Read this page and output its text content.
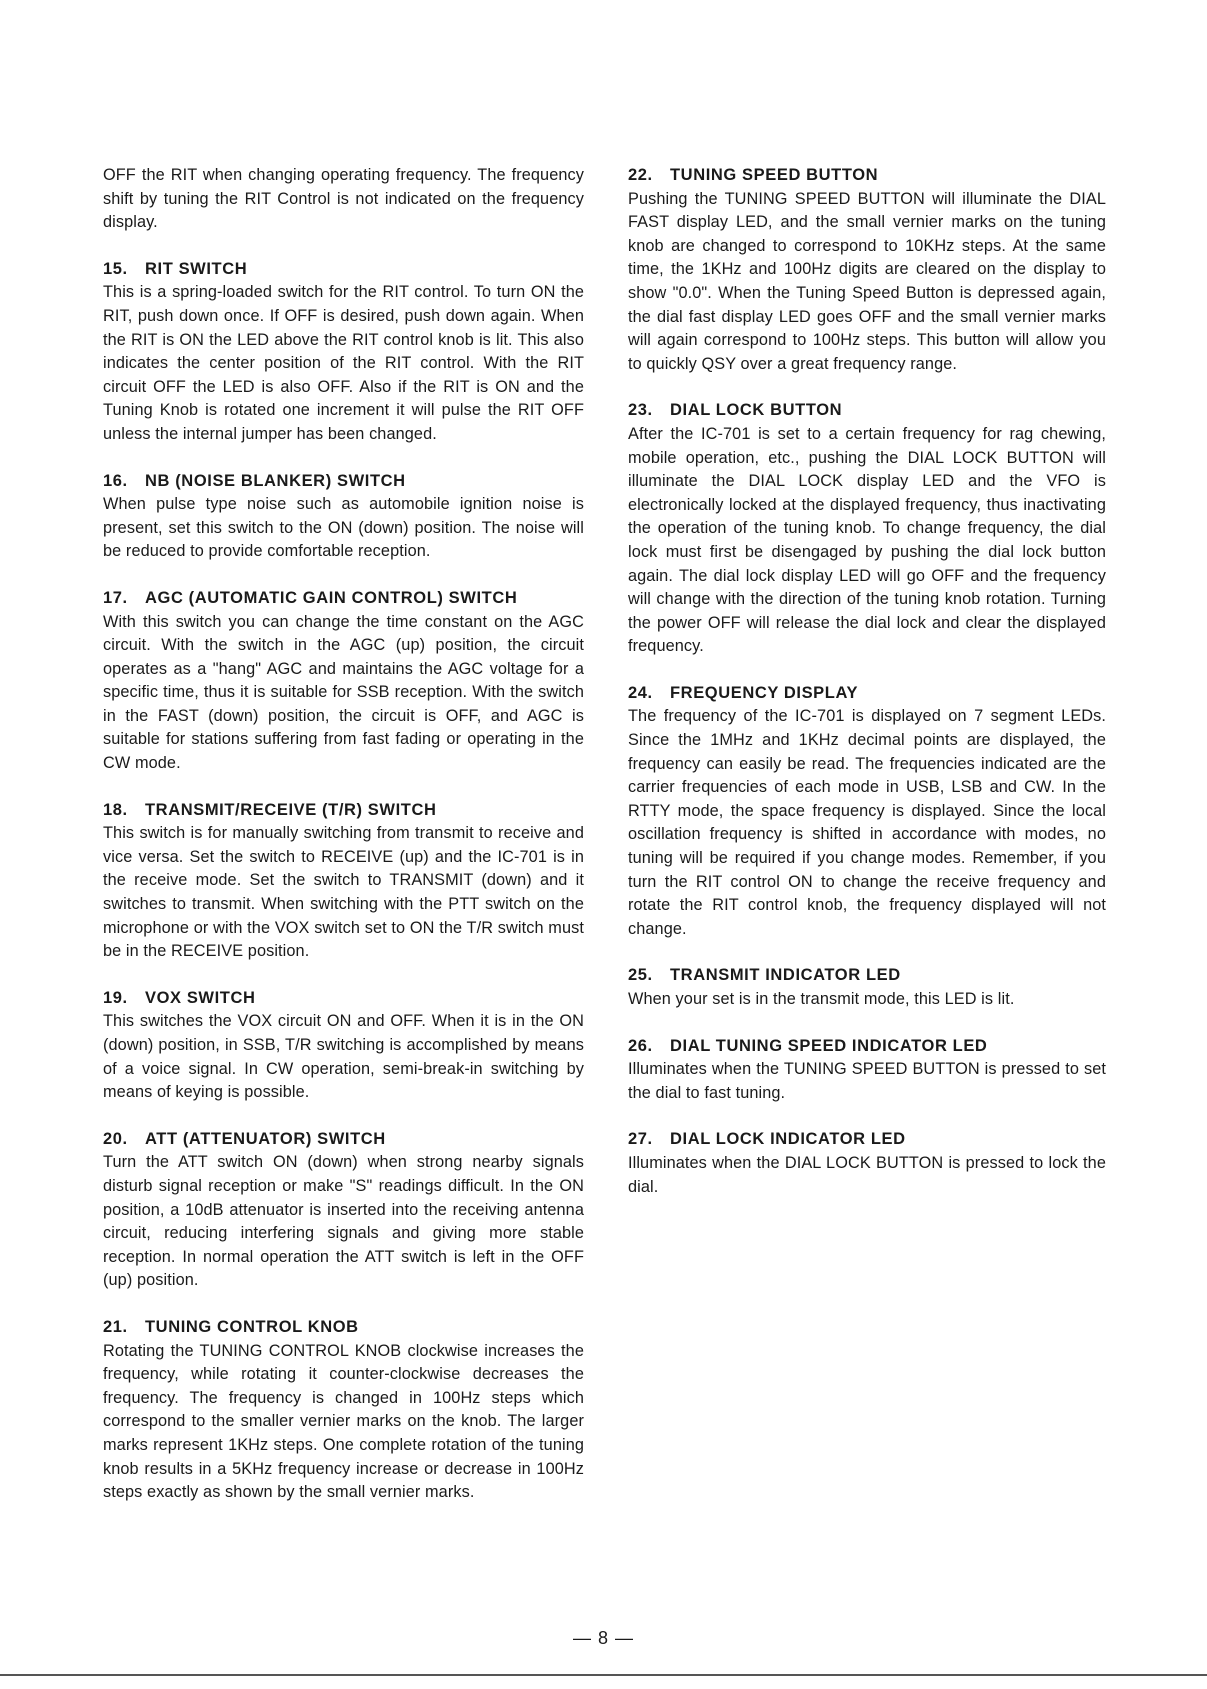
OFF the RIT when changing operating frequency. The frequency shift by tuning the RIT Control is not indicated on the frequency display.

15. RIT SWITCH

This is a spring-loaded switch for the RIT control. To turn ON the RIT, push down once. If OFF is desired, push down again. When the RIT is ON the LED above the RIT control knob is lit. This also indicates the center position of the RIT control. With the RIT circuit OFF the LED is also OFF. Also if the RIT is ON and the Tuning Knob is rotated one increment it will pulse the RIT OFF unless the internal jumper has been changed.

16. NB (NOISE BLANKER) SWITCH

When pulse type noise such as automobile ignition noise is present, set this switch to the ON (down) position. The noise will be reduced to provide comfortable reception.

17. AGC (AUTOMATIC GAIN CONTROL) SWITCH

With this switch you can change the time constant on the AGC circuit. With the switch in the AGC (up) position, the circuit operates as a "hang" AGC and maintains the AGC voltage for a specific time, thus it is suitable for SSB reception. With the switch in the FAST (down) position, the circuit is OFF, and AGC is suitable for stations suffering from fast fading or operating in the CW mode.

18. TRANSMIT/RECEIVE (T/R) SWITCH

This switch is for manually switching from transmit to receive and vice versa. Set the switch to RECEIVE (up) and the IC-701 is in the receive mode. Set the switch to TRANSMIT (down) and it switches to transmit. When switching with the PTT switch on the microphone or with the VOX switch set to ON the T/R switch must be in the RECEIVE position.

19. VOX SWITCH

This switches the VOX circuit ON and OFF. When it is in the ON (down) position, in SSB, T/R switching is accomplished by means of a voice signal. In CW operation, semi-break-in switching by means of keying is possible.

20. ATT (ATTENUATOR) SWITCH

Turn the ATT switch ON (down) when strong nearby signals disturb signal reception or make "S" readings difficult. In the ON position, a 10dB attenuator is inserted into the receiving antenna circuit, reducing interfering signals and giving more stable reception. In normal operation the ATT switch is left in the OFF (up) position.

21. TUNING CONTROL KNOB

Rotating the TUNING CONTROL KNOB clockwise increases the frequency, while rotating it counter-clockwise decreases the frequency. The frequency is changed in 100Hz steps which correspond to the smaller vernier marks on the knob. The larger marks represent 1KHz steps. One complete rotation of the tuning knob results in a 5KHz frequency increase or decrease in 100Hz steps exactly as shown by the small vernier marks.

22. TUNING SPEED BUTTON

Pushing the TUNING SPEED BUTTON will illuminate the DIAL FAST display LED, and the small vernier marks on the tuning knob are changed to correspond to 10KHz steps. At the same time, the 1KHz and 100Hz digits are cleared on the display to show "0.0". When the Tuning Speed Button is depressed again, the dial fast display LED goes OFF and the small vernier marks will again correspond to 100Hz steps. This button will allow you to quickly QSY over a great frequency range.

23. DIAL LOCK BUTTON

After the IC-701 is set to a certain frequency for rag chewing, mobile operation, etc., pushing the DIAL LOCK BUTTON will illuminate the DIAL LOCK display LED and the VFO is electronically locked at the displayed frequency, thus inactivating the operation of the tuning knob. To change frequency, the dial lock must first be disengaged by pushing the dial lock button again. The dial lock display LED will go OFF and the frequency will change with the direction of the tuning knob rotation. Turning the power OFF will release the dial lock and clear the displayed frequency.

24. FREQUENCY DISPLAY

The frequency of the IC-701 is displayed on 7 segment LEDs. Since the 1MHz and 1KHz decimal points are displayed, the frequency can easily be read. The frequencies indicated are the carrier frequencies of each mode in USB, LSB and CW. In the RTTY mode, the space frequency is displayed. Since the local oscillation frequency is shifted in accordance with modes, no tuning will be required if you change modes. Remember, if you turn the RIT control ON to change the receive frequency and rotate the RIT control knob, the frequency displayed will not change.

25. TRANSMIT INDICATOR LED

When your set is in the transmit mode, this LED is lit.

26. DIAL TUNING SPEED INDICATOR LED

Illuminates when the TUNING SPEED BUTTON is pressed to set the dial to fast tuning.

27. DIAL LOCK INDICATOR LED

Illuminates when the DIAL LOCK BUTTON is pressed to lock the dial.

— 8 —
